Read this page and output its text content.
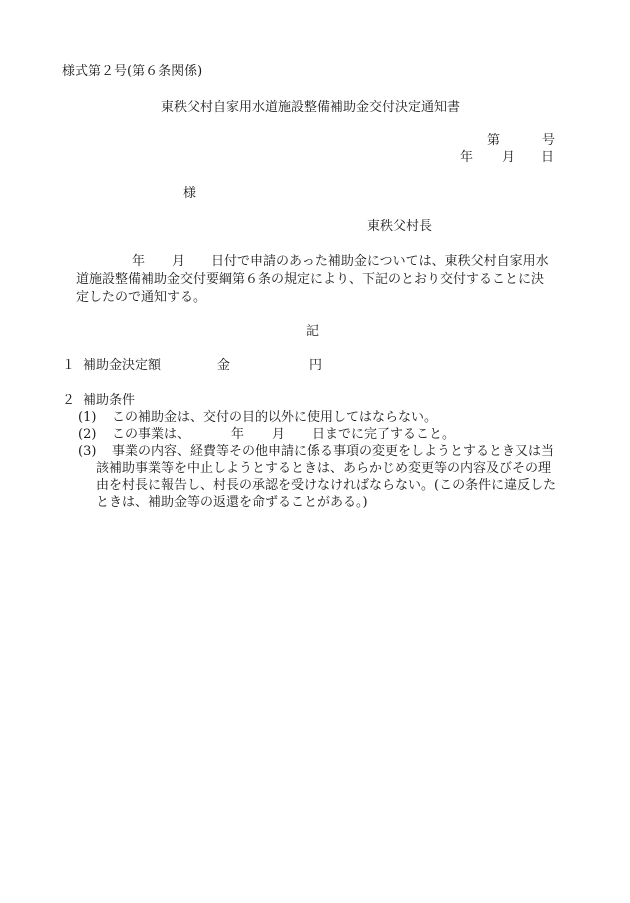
様式第２号(第６条関係)
東秩父村自家用水道施設整備補助金交付決定通知書
第	号
年 月 日
様
東秩父村長
年 月 日付で申請のあった補助金については、東秩父村自家用水
道施設整備補助金交付要綱第６条の規定により、下記のとおり交付することに決
定したので通知する。
記
１ 補助金決定額	金	円
２ 補助条件
(1) この補助金は、交付の目的以外に使用してはならない。
(2) この事業は、	年 月 日までに完了すること。
(3) 事業の内容、経費等その他申請に係る事項の変更をしようとするとき又は当
該補助事業等を中止しようとするときは、あらかじめ変更等の内容及びその理
由を村長に報告し、村長の承認を受けなければならない。(この条件に違反した
ときは、補助金等の返還を命ずることがある。)
